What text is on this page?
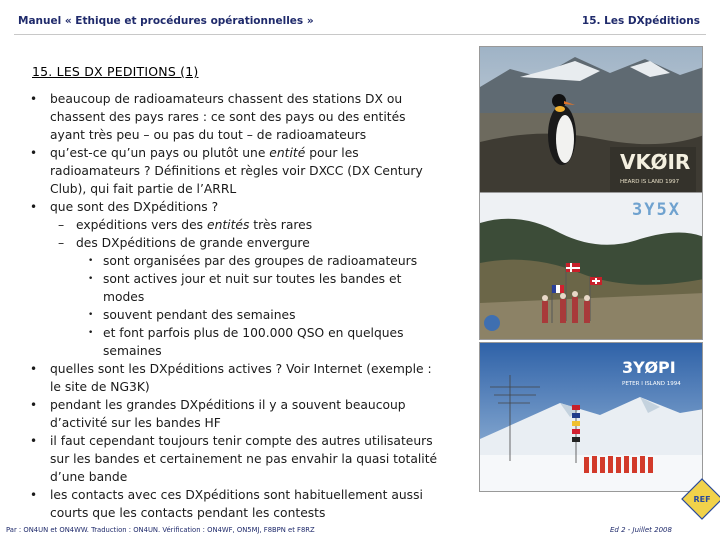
Manuel « Ethique et procédures opérationnelles »	15. Les DXpéditions
15. LES DX PEDITIONS (1)
• beaucoup de radioamateurs chassent des stations DX ou chassent des pays rares : ce sont des pays ou des entités ayant très peu – ou pas du tout – de radioamateurs
• qu’est-ce qu’un pays ou plutôt une entité pour les radioamateurs ? Définitions et règles voir DXCC (DX Century Club), qui fait partie de l’ARRL
• que sont des DXpéditions ?
– expéditions vers des entités très rares
– des DXpéditions de grande envergure
• sont organisées par des groupes de radioamateurs
• sont actives jour et nuit sur toutes les bandes et modes
• souvent pendant des semaines
• et font parfois plus de 100.000 QSO en quelques semaines
• quelles sont les DXpéditions actives ? Voir Internet (exemple : le site de NG3K)
• pendant les grandes DXpéditions il y a souvent beaucoup d’activité sur les bandes HF
• il faut cependant toujours tenir compte des autres utilisateurs sur les bandes et certainement ne pas envahir la quasi totalité d’une bande
• les contacts avec ces DXpéditions sont habituellement aussi courts que les contacts pendant les contests
VKØIR
HEARD IS LAND 1997
3Y5X
3YØPI
PETER I ISLAND 1994
REF
Par : ON4UN et ON4WW. Traduction : ON4UN. Vérification : ON4WF, ON5MJ, F8BPN et F8RZ	Ed 2 - Juillet 2008
